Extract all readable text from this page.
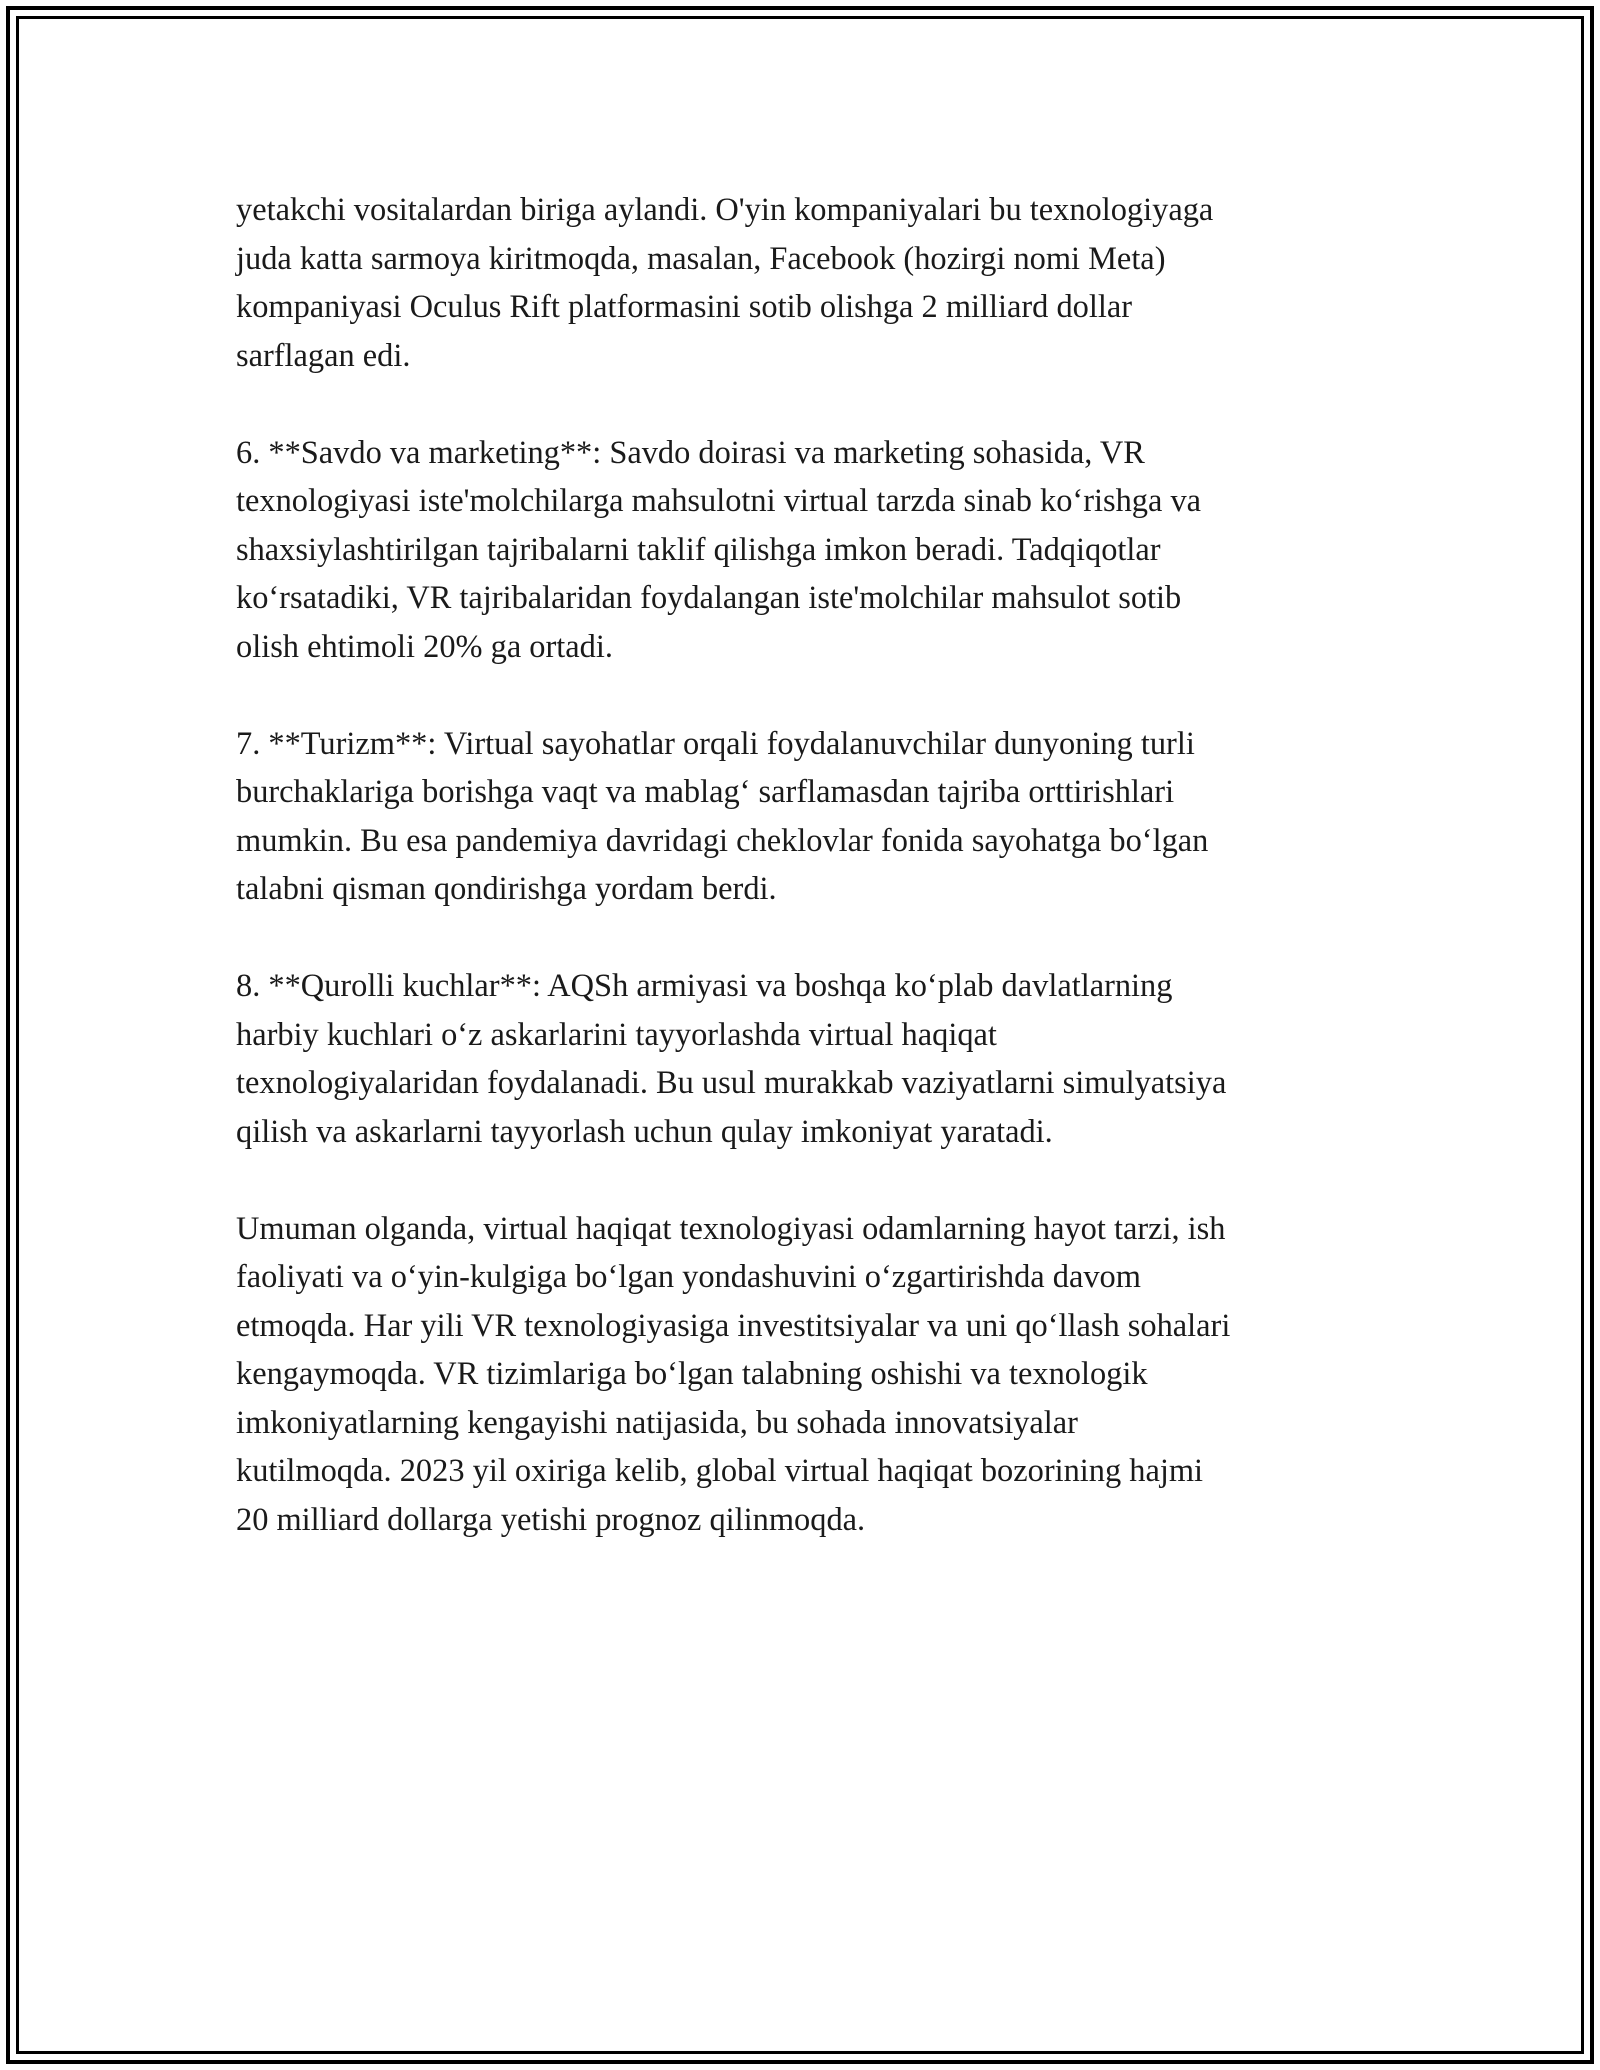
yetakchi vositalardan biriga aylandi. O'yin kompaniyalari bu texnologiyaga
juda katta sarmoya kiritmoqda, masalan, Facebook (hozirgi nomi Meta)
kompaniyasi Oculus Rift platformasini sotib olishga 2 milliard dollar
sarflagan edi.

6. **Savdo va marketing**: Savdo doirasi va marketing sohasida, VR
texnologiyasi iste'molchilarga mahsulotni virtual tarzda sinab koʻrishga va
shaxsiylashtirilgan tajribalarni taklif qilishga imkon beradi. Tadqiqotlar
koʻrsatadiki, VR tajribalaridan foydalangan iste'molchilar mahsulot sotib
olish ehtimoli 20% ga ortadi.

7. **Turizm**: Virtual sayohatlar orqali foydalanuvchilar dunyoning turli
burchaklariga borishga vaqt va mablagʻ sarflamasdan tajriba orttirishlari
mumkin. Bu esa pandemiya davridagi cheklovlar fonida sayohatga boʻlgan
talabni qisman qondirishga yordam berdi.

8. **Qurolli kuchlar**: AQSh armiyasi va boshqa koʻplab davlatlarning
harbiy kuchlari oʻz askarlarini tayyorlashda virtual haqiqat
texnologiyalaridan foydalanadi. Bu usul murakkab vaziyatlarni simulyatsiya
qilish va askarlarni tayyorlash uchun qulay imkoniyat yaratadi.

Umuman olganda, virtual haqiqat texnologiyasi odamlarning hayot tarzi, ish
faoliyati va oʻyin-kulgiga boʻlgan yondashuvini oʻzgartirishda davom
etmoqda. Har yili VR texnologiyasiga investitsiyalar va uni qoʻllash sohalari
kengaymoqda. VR tizimlariga boʻlgan talabning oshishi va texnologik
imkoniyatlarning kengayishi natijasida, bu sohada innovatsiyalar
kutilmoqda. 2023 yil oxiriga kelib, global virtual haqiqat bozorining hajmi
20 milliard dollarga yetishi prognoz qilinmoqda.
